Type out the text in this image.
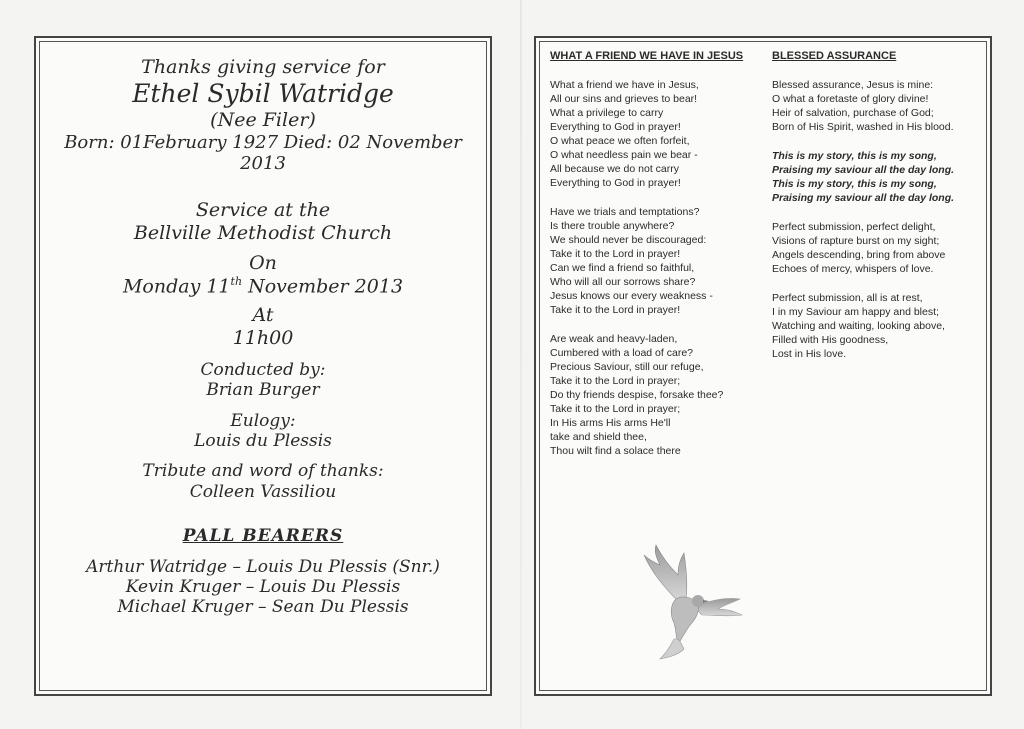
Thanks giving service for
Ethel Sybil Watridge
(Nee Filer)
Born: 01February 1927 Died: 02 November 2013
Service at the
Bellville Methodist Church
On
Monday 11th November 2013
At
11h00
Conducted by:
Brian Burger
Eulogy:
Louis du Plessis
Tribute and word of thanks:
Colleen Vassiliou
PALL BEARERS
Arthur Watridge – Louis Du Plessis (Snr.)
Kevin Kruger – Louis Du Plessis
Michael Kruger – Sean Du Plessis
WHAT A FRIEND WE HAVE IN JESUS
What a friend we have in Jesus,
All our sins and grieves to bear!
What a privilege to carry
Everything to God in prayer!
O what peace we often forfeit,
O what needless pain we bear -
All because we do not carry
Everything to God in prayer!
Have we trials and temptations?
Is there trouble anywhere?
We should never be discouraged:
Take it to the Lord in prayer!
Can we find a friend so faithful,
Who will all our sorrows share?
Jesus knows our every weakness -
Take it to the Lord in prayer!
Are weak and heavy-laden,
Cumbered with a load of care?
Precious Saviour, still our refuge,
Take it to the Lord in prayer;
Do thy friends despise, forsake thee?
Take it to the Lord in prayer;
In His arms His arms He'll
take and shield thee,
Thou wilt find a solace there
BLESSED ASSURANCE
Blessed assurance, Jesus is mine:
O what a foretaste of glory divine!
Heir of salvation, purchase of God;
Born of His Spirit, washed in His blood.
This is my story, this is my song,
Praising my saviour all the day long.
This is my story, this is my song,
Praising my saviour all the day long.
Perfect submission, perfect delight,
Visions of rapture burst on my sight;
Angels descending, bring from above
Echoes of mercy, whispers of love.
Perfect submission, all is at rest,
I in my Saviour am happy and blest;
Watching and waiting, looking above,
Filled with His goodness,
Lost in His love.
